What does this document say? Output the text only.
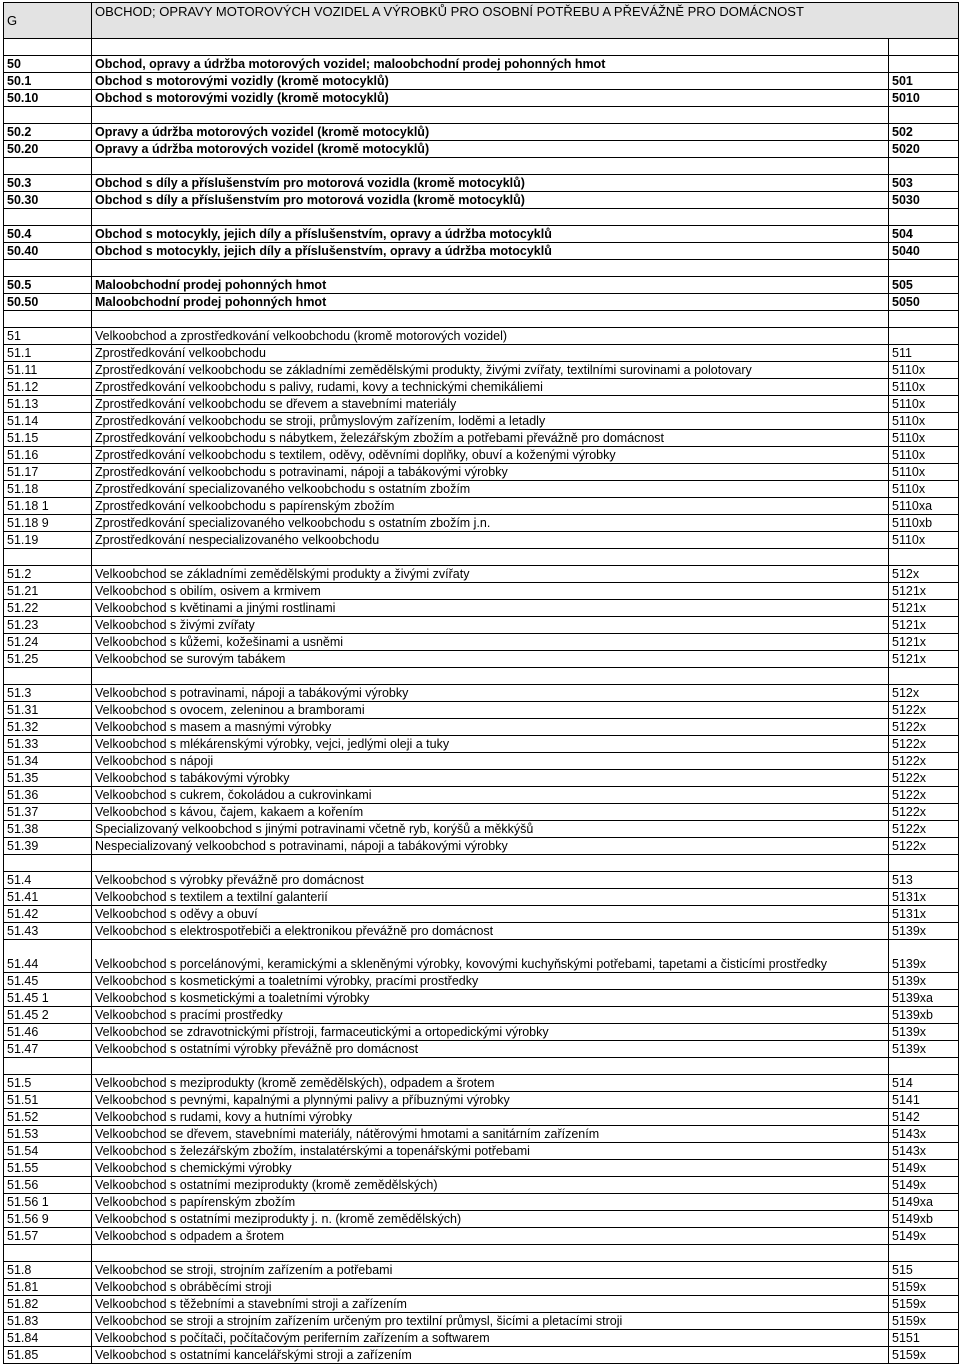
G	OBCHOD; OPRAVY MOTOROVÝCH VOZIDEL A VÝROBKŮ PRO OSOBNÍ POTŘEBU A PŘEVÁŽNĚ PRO DOMÁCNOST	

50	Obchod, opravy a údržba motorových vozidel; maloobchodní prodej pohonných hmot	
50.1	Obchod s motorovými vozidly (kromě motocyklů)	501
50.10	Obchod s motorovými vozidly (kromě motocyklů)	5010

50.2	Opravy a údržba motorových vozidel (kromě motocyklů)	502
50.20	Opravy a údržba motorových vozidel (kromě motocyklů)	5020

50.3	Obchod s díly a příslušenstvím pro motorová vozidla (kromě motocyklů)	503
50.30	Obchod s díly a příslušenstvím pro motorová vozidla (kromě motocyklů)	5030

50.4	Obchod s motocykly, jejich díly a příslušenstvím, opravy a údržba motocyklů	504
50.40	Obchod s motocykly, jejich díly a příslušenstvím, opravy a údržba motocyklů	5040

50.5	Maloobchodní prodej pohonných hmot	505
50.50	Maloobchodní prodej pohonných hmot	5050

51	Velkoobchod a zprostředkování velkoobchodu (kromě motorových vozidel)	
51.1	Zprostředkování velkoobchodu	511
51.11	Zprostředkování velkoobchodu se základními zemědělskými produkty, živými zvířaty, textilními surovinami a polotovary	5110x
51.12	Zprostředkování velkoobchodu s palivy, rudami, kovy a technickými chemikáliemi	5110x
51.13	Zprostředkování velkoobchodu se dřevem a stavebními materiály	5110x
51.14	Zprostředkování velkoobchodu se stroji, průmyslovým zařízením, loděmi a letadly	5110x
51.15	Zprostředkování velkoobchodu s nábytkem, železářským zbožím a potřebami převážně pro domácnost	5110x
51.16	Zprostředkování velkoobchodu s textilem, oděvy, oděvními doplňky, obuví a koženými výrobky	5110x
51.17	Zprostředkování velkoobchodu s potravinami, nápoji a tabákovými výrobky	5110x
51.18	Zprostředkování specializovaného velkoobchodu s ostatním zbožím	5110x
51.18 1	Zprostředkování velkoobchodu s papírenským zbožím	5110xa
51.18 9	Zprostředkování specializovaného velkoobchodu s ostatním zbožím j.n.	5110xb
51.19	Zprostředkování nespecializovaného velkoobchodu	5110x

51.2	Velkoobchod se základními zemědělskými produkty a živými zvířaty	512x
51.21	Velkoobchod s obilím, osivem a krmivem	5121x
51.22	Velkoobchod s květinami a jinými rostlinami	5121x
51.23	Velkoobchod s živými zvířaty	5121x
51.24	Velkoobchod s kůžemi, kožešinami a usněmi	5121x
51.25	Velkoobchod se surovým tabákem	5121x

51.3	Velkoobchod s potravinami, nápoji a tabákovými výrobky	512x
51.31	Velkoobchod s ovocem, zeleninou a bramborami	5122x
51.32	Velkoobchod s masem a masnými výrobky	5122x
51.33	Velkoobchod s mlékárenskými výrobky, vejci, jedlými oleji a tuky	5122x
51.34	Velkoobchod s nápoji	5122x
51.35	Velkoobchod s tabákovými výrobky	5122x
51.36	Velkoobchod s cukrem, čokoládou a cukrovinkami	5122x
51.37	Velkoobchod s kávou, čajem, kakaem a kořením	5122x
51.38	Specializovaný velkoobchod s jinými potravinami včetně ryb, korýšů a měkkýšů	5122x
51.39	Nespecializovaný velkoobchod s potravinami, nápoji a tabákovými výrobky	5122x

51.4	Velkoobchod s výrobky převážně pro domácnost	513
51.41	Velkoobchod s textilem a textilní galanterií	5131x
51.42	Velkoobchod s oděvy a obuví	5131x
51.43	Velkoobchod s elektrospotřebiči a elektronikou převážně pro domácnost	5139x
51.44	Velkoobchod s porcelánovými, keramickými a skleněnými výrobky, kovovými kuchyňskými potřebami, tapetami a čisticími prostředky	5139x
51.45	Velkoobchod s kosmetickými a toaletními výrobky, pracími prostředky	5139x
51.45 1	Velkoobchod s kosmetickými a toaletními výrobky	5139xa
51.45 2	Velkoobchod s pracími prostředky	5139xb
51.46	Velkoobchod se zdravotnickými přístroji, farmaceutickými a ortopedickými výrobky	5139x
51.47	Velkoobchod s ostatními výrobky převážně pro domácnost	5139x

51.5	Velkoobchod s meziprodukty (kromě zemědělských), odpadem a šrotem	514
51.51	Velkoobchod s pevnými, kapalnými a plynnými palivy a příbuznými výrobky	5141
51.52	Velkoobchod s rudami, kovy a hutními výrobky	5142
51.53	Velkoobchod se dřevem, stavebními materiály, nátěrovými hmotami a sanitárním zařízením	5143x
51.54	Velkoobchod s železářským zbožím, instalatérskými a topenářskými potřebami	5143x
51.55	Velkoobchod s chemickými výrobky	5149x
51.56	Velkoobchod s ostatními meziprodukty (kromě zemědělských)	5149x
51.56 1	Velkoobchod s papírenským zbožím	5149xa
51.56 9	Velkoobchod s ostatními meziprodukty j. n. (kromě zemědělských)	5149xb
51.57	Velkoobchod s odpadem a šrotem	5149x

51.8	Velkoobchod se stroji, strojním zařízením a potřebami	515
51.81	Velkoobchod s obráběcími stroji	5159x
51.82	Velkoobchod s těžebními a stavebními stroji a zařízením	5159x
51.83	Velkoobchod se stroji a strojním zařízením určeným pro textilní průmysl, šicími a pletacími stroji	5159x
51.84	Velkoobchod s počítači, počítačovým periferním zařízením a softwarem	5151
51.85	Velkoobchod s ostatními kancelářskými stroji a zařízením	5159x
